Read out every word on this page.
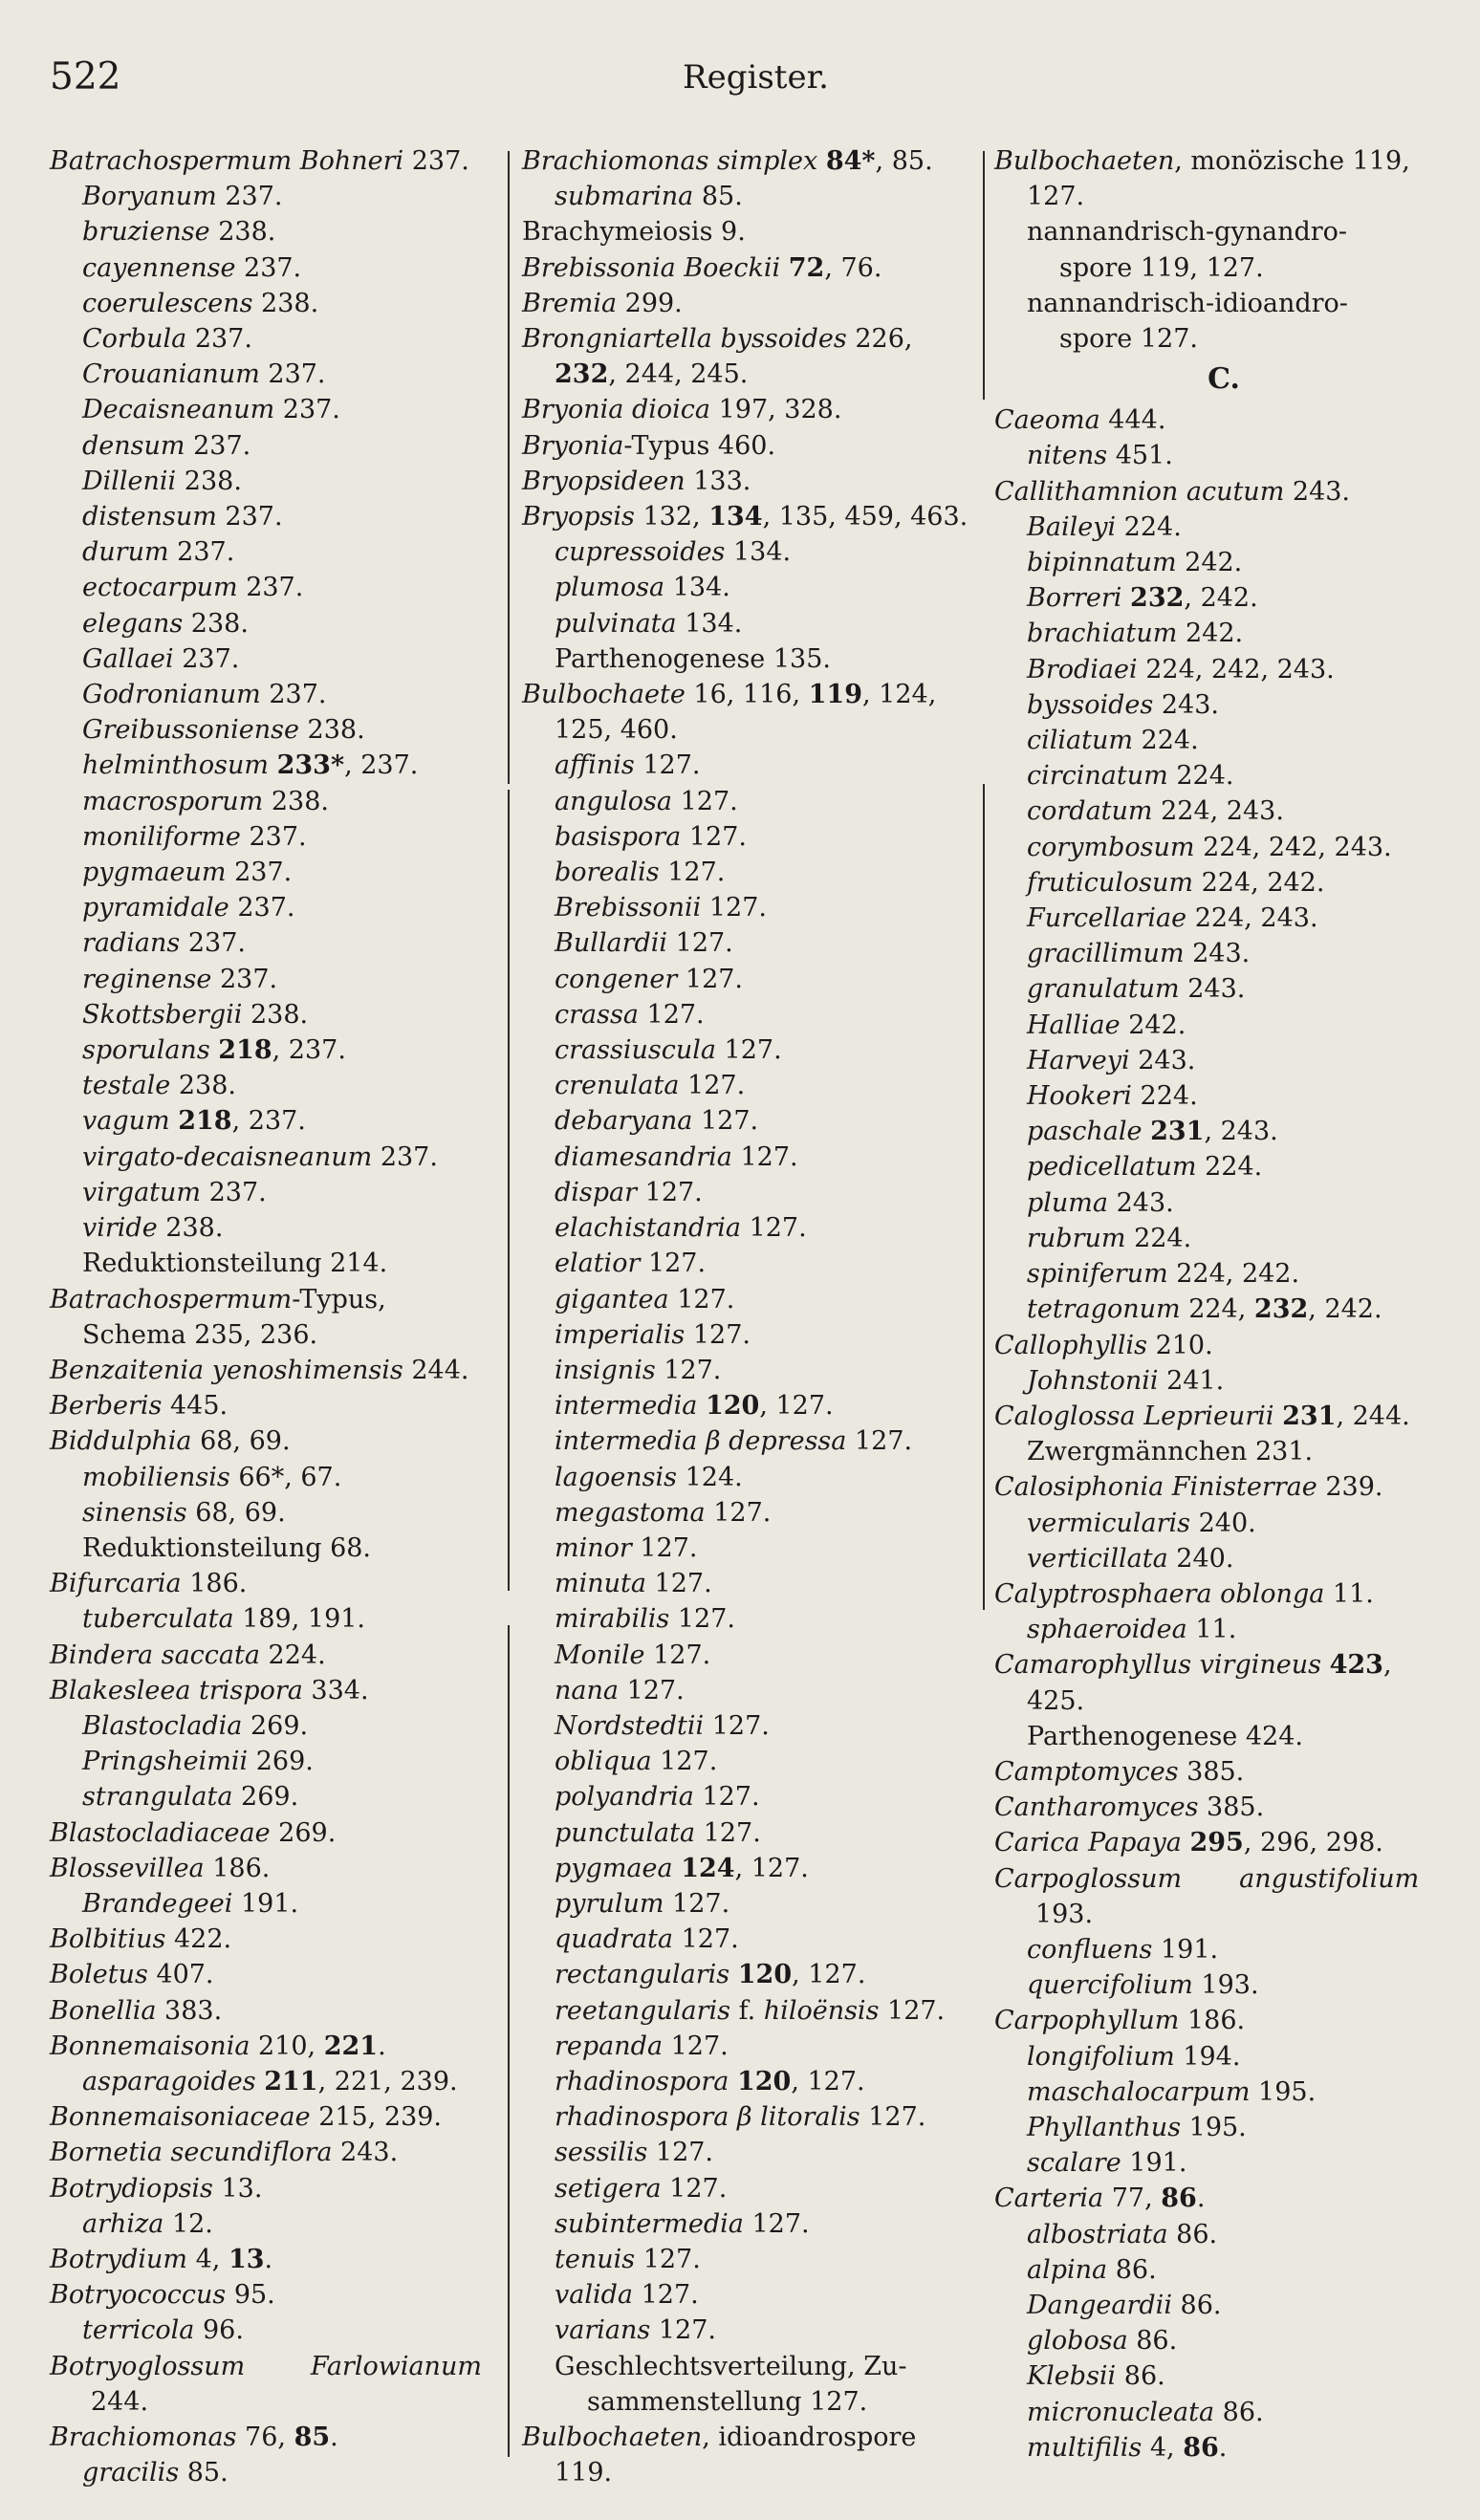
522	Register.
Batrachospermum Bohneri 237.
Boryanum 237.
bruziense 238.
cayennense 237.
coerulescens 238.
Corbula 237.
Crouanianum 237.
Decaisneanum 237.
densum 237.
Dillenii 238.
distensum 237.
durum 237.
ectocarpum 237.
elegans 238.
Gallaei 237.
Godronianum 237.
Greibussoniense 238.
helminthosum 233*, 237.
macrosporum 238.
moniliforme 237.
pygmaeum 237.
pyramidale 237.
radians 237.
reginense 237.
Skottsbergii 238.
sporulans 218, 237.
testale 238.
vagum 218, 237.
virgato-decaisneanum 237.
virgatum 237.
viride 238.
Reduktionsteilung 214.
Batrachospermum-Typus,
Schema 235, 236.
Benzaitenia yenoshimensis 244.
Berberis 445.
Biddulphia 68, 69.
mobiliensis 66*, 67.
sinensis 68, 69.
Reduktionsteilung 68.
Bifurcaria 186.
tuberculata 189, 191.
Bindera saccata 224.
Blakesleea trispora 334.
Blastocladia 269.
Pringsheimii 269.
strangulata 269.
Blastocladiaceae 269.
Blossevillea 186.
Brandegeei 191.
Bolbitius 422.
Boletus 407.
Bonellia 383.
Bonnemaisonia 210, 221.
asparagoides 211, 221, 239.
Bonnemaisoniaceae 215, 239.
Bornetia secundiflora 243.
Botrydiopsis 13.
arhiza 12.
Botrydium 4, 13.
Botryococcus 95.
terricola 96.
Botryoglossum	Farlowianum
244.
Brachiomonas 76, 85.
gracilis 85.
Brachiomonas simplex 84*, 85.
submarina 85.
Brachymeiosis 9.
Brebissonia Boeckii 72, 76.
Bremia 299.
Brongniartella byssoides 226,
232, 244, 245.
Bryonia dioica 197, 328.
Bryonia-Typus 460.
Bryopsideen 133.
Bryopsis 132, 134, 135, 459, 463.
cupressoides 134.
plumosa 134.
pulvinata 134.
Parthenogenese 135.
Bulbochaete 16, 116, 119, 124,
125, 460.
affinis 127.
angulosa 127.
basispora 127.
borealis 127.
Brebissonii 127.
Bullardii 127.
congener 127.
crassa 127.
crassiuscula 127.
crenulata 127.
debaryana 127.
diamesandria 127.
dispar 127.
elachistandria 127.
elatior 127.
gigantea 127.
imperialis 127.
insignis 127.
intermedia 120, 127.
intermedia β depressa 127.
lagoensis 124.
megastoma 127.
minor 127.
minuta 127.
mirabilis 127.
Monile 127.
nana 127.
Nordstedtii 127.
obliqua 127.
polyandria 127.
punctulata 127.
pygmaea 124, 127.
pyrulum 127.
quadrata 127.
rectangularis 120, 127.
reetangularis f. hiloënsis 127.
repanda 127.
rhadinospora 120, 127.
rhadinospora β litoralis 127.
sessilis 127.
setigera 127.
subintermedia 127.
tenuis 127.
valida 127.
varians 127.
Geschlechtsverteilung, Zu-
sammenstellung 127.
Bulbochaeten, idioandrospore
119.
Bulbochaeten, monözische 119,
127.
nannandrisch-gynandro-
spore 119, 127.
nannandrisch-idioandro-
spore 127.
C.
Caeoma 444.
nitens 451.
Callithamnion acutum 243.
Baileyi 224.
bipinnatum 242.
Borreri 232, 242.
brachiatum 242.
Brodiaei 224, 242, 243.
byssoides 243.
ciliatum 224.
circinatum 224.
cordatum 224, 243.
corymbosum 224, 242, 243.
fruticulosum 224, 242.
Furcellariae 224, 243.
gracillimum 243.
granulatum 243.
Halliae 242.
Harveyi 243.
Hookeri 224.
paschale 231, 243.
pedicellatum 224.
pluma 243.
rubrum 224.
spiniferum 224, 242.
tetragonum 224, 232, 242.
Callophyllis 210.
Johnstonii 241.
Caloglossa Leprieurii 231, 244.
Zwergmännchen 231.
Calosiphonia Finisterrae 239.
vermicularis 240.
verticillata 240.
Calyptrosphaera oblonga 11.
sphaeroidea 11.
Camarophyllus virgineus 423,
425.
Parthenogenese 424.
Camptomyces 385.
Cantharomyces 385.
Carica Papaya 295, 296, 298.
Carpoglossum angustifolium
193.
confluens 191.
quercifolium 193.
Carpophyllum 186.
longifolium 194.
maschalocarpum 195.
Phyllanthus 195.
scalare 191.
Carteria 77, 86.
albostriata 86.
alpina 86.
Dangeardii 86.
globosa 86.
Klebsii 86.
micronucleata 86.
multifilis 4, 86.
